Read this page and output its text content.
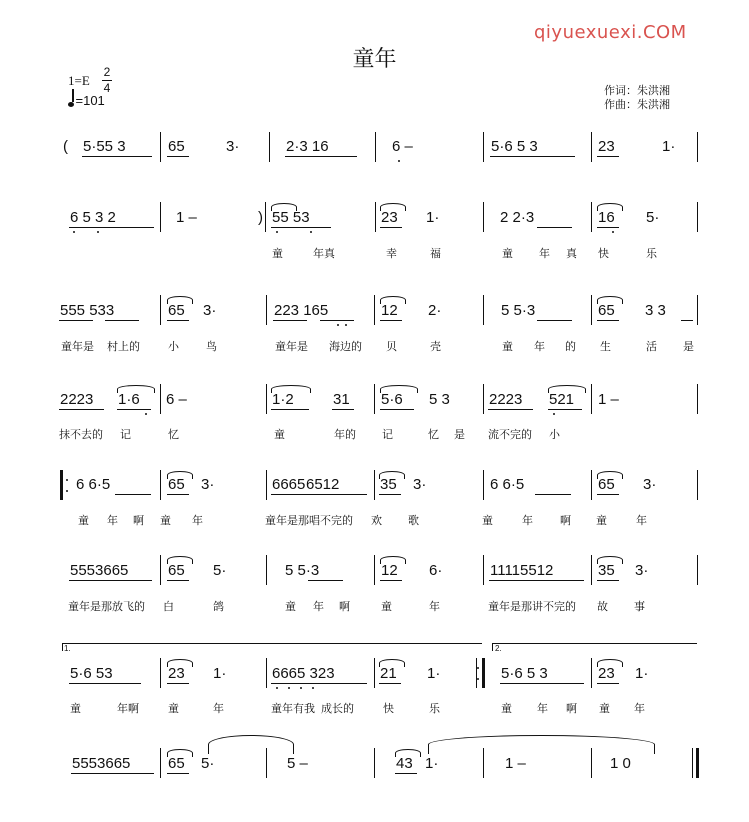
qiyuexuexi.COM
童年
1=E
2
4
=101
作词：朱洪湘
作曲：朱洪湘
( 5·55 3	65	3·	2·3 16	6 –	5·6 5 3	23	1·
6 5 3 2	1 –	) 55 53	23 1·	2 2·3	16 5·
童	年真	幸	福	童 年 真 快	乐
555 533	65 3·	223 165	12 2·	5 5·3	65 3 3
童年是 村上的	小 鸟	童年是 海边的 贝	壳	童 年 的 生	活 是
2223 1·6 6 –	1·2	31 5·6 5 3	2223 521 1 –
抹不去的 记	忆	童	年的 记	忆 是 流不完的 小
6 6·5	65 3·	6665 6512	35 3·	6 6·5	65 3·
童 年 啊 童 年	童年是那唱不完的 欢 歌	童	年 啊 童	年
5553665	65 5·	5 5·3	12 6·	11115512	35 3·
童年是那放飞的 白	鸽	童 年 啊	童	年	童年是那讲不完的 故 事
1.	2.
5·6 53	23 1·	6665 323	21 1·	5·6 5 3	23 1·
童	年啊	童	年	童年有我 成长的	快	乐	童 年 啊 童 年
5553665	65 5·	5 –	43 1·	1 –	1 0
